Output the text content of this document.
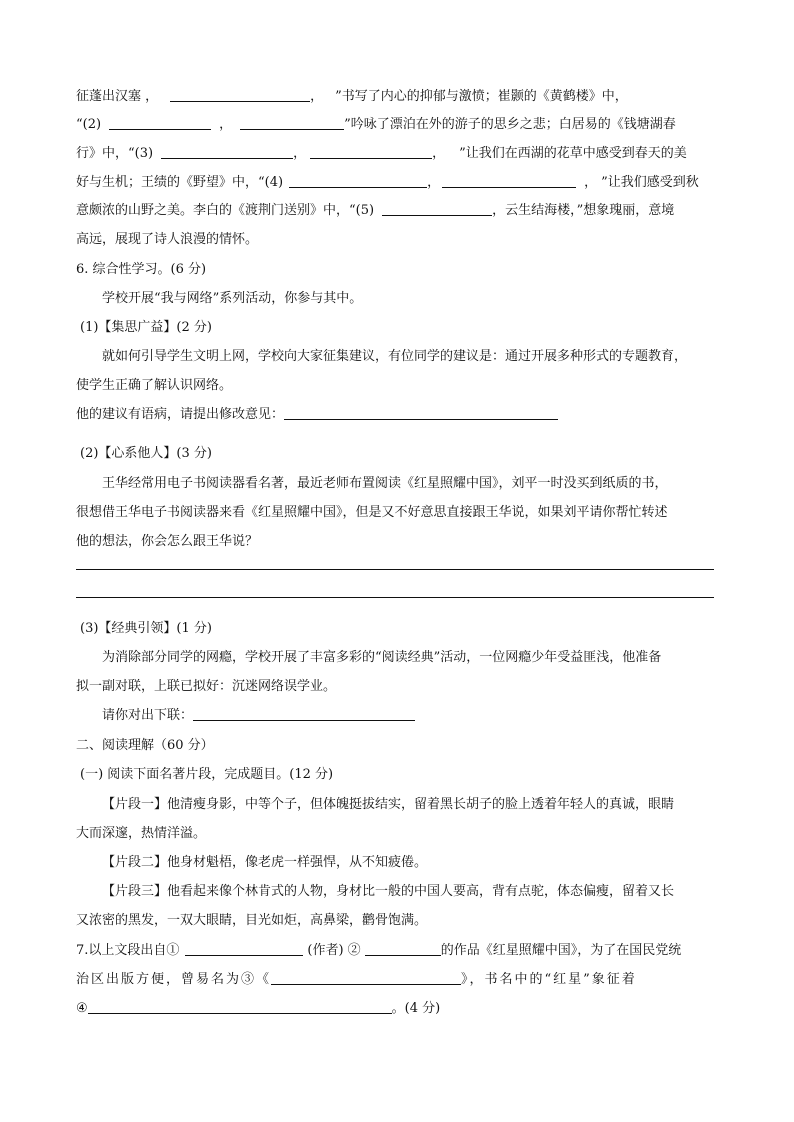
征蓬出汉塞 ，	， ”书写了内心的抑郁与激愤；崔颢的《黄鹤楼》中，
“(2)	，	”吟咏了漂泊在外的游子的思乡之悲；白居易的《钱塘湖春
行》中，“(3)	，	， ”让我们在西湖的花草中感受到春天的美
好与生机；王绩的《野望》中，“(4)	，	， ”让我们感受到秋
意颇浓的山野之美。李白的《渡荆门送别》中，“(5)	，云生结海楼，”想象瑰丽，意境
高远，展现了诗人浪漫的情怀。
6. 综合性学习。(6 分)
学校开展“我与网络”系列活动，你参与其中。
(1)【集思广益】(2 分)
就如何引导学生文明上网，学校向大家征集建议，有位同学的建议是：通过开展多种形式的专题教育，
使学生正确了解认识网络。
他的建议有语病，请提出修改意见：
(2)【心系他人】(3 分)
王华经常用电子书阅读器看名著，最近老师布置阅读《红星照耀中国》，刘平一时没买到纸质的书，
很想借王华电子书阅读器来看《红星照耀中国》，但是又不好意思直接跟王华说，如果刘平请你帮忙转述
他的想法，你会怎么跟王华说？
(3)【经典引领】(1 分)
为消除部分同学的网瘾，学校开展了丰富多彩的“阅读经典”活动，一位网瘾少年受益匪浅，他准备
拟一副对联，上联已拟好：沉迷网络误学业。
请你对出下联：
二、阅读理解（60 分）
(一) 阅读下面名著片段，完成题目。(12 分)
【片段一】他清瘦身影，中等个子，但体魄挺拔结实，留着黑长胡子的脸上透着年轻人的真诚，眼睛
大而深邃，热情洋溢。
【片段二】他身材魁梧，像老虎一样强悍，从不知疲倦。
【片段三】他看起来像个林肯式的人物，身材比一般的中国人要高，背有点驼，体态偏瘦，留着又长
又浓密的黑发，一双大眼睛，目光如炬，高鼻梁，鹳骨饱满。
7.以上文段出自①	(作者) ②	的作品《红星照耀中国》，为了在国民党统
治区出版方便，曾易名为③《	》，书名中的“红星”象征着
④	。(4 分)
